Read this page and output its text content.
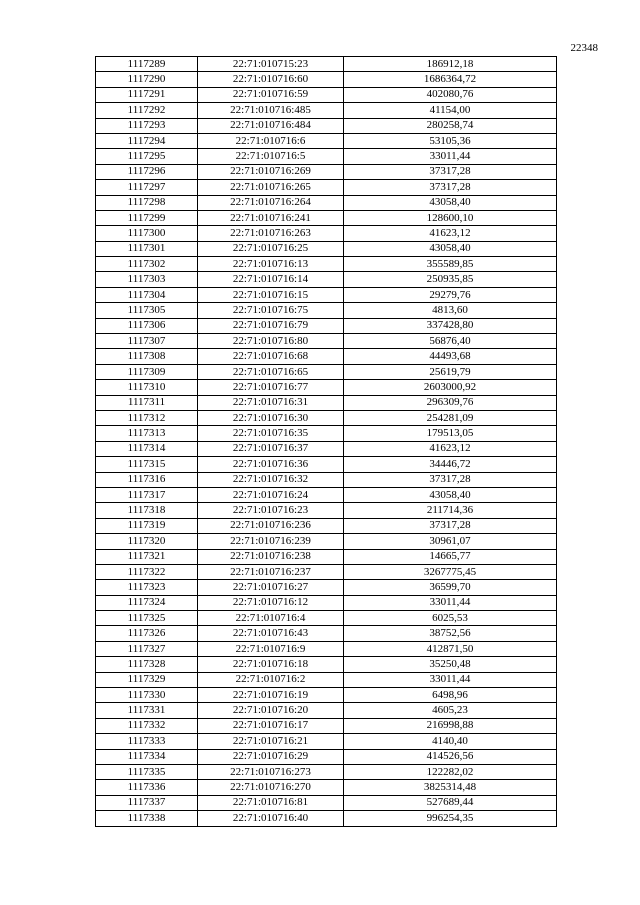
22348
1117289	22:71:010715:23	186912,18
1117290	22:71:010716:60	1686364,72
1117291	22:71:010716:59	402080,76
1117292	22:71:010716:485	41154,00
1117293	22:71:010716:484	280258,74
1117294	22:71:010716:6	53105,36
1117295	22:71:010716:5	33011,44
1117296	22:71:010716:269	37317,28
1117297	22:71:010716:265	37317,28
1117298	22:71:010716:264	43058,40
1117299	22:71:010716:241	128600,10
1117300	22:71:010716:263	41623,12
1117301	22:71:010716:25	43058,40
1117302	22:71:010716:13	355589,85
1117303	22:71:010716:14	250935,85
1117304	22:71:010716:15	29279,76
1117305	22:71:010716:75	4813,60
1117306	22:71:010716:79	337428,80
1117307	22:71:010716:80	56876,40
1117308	22:71:010716:68	44493,68
1117309	22:71:010716:65	25619,79
1117310	22:71:010716:77	2603000,92
1117311	22:71:010716:31	296309,76
1117312	22:71:010716:30	254281,09
1117313	22:71:010716:35	179513,05
1117314	22:71:010716:37	41623,12
1117315	22:71:010716:36	34446,72
1117316	22:71:010716:32	37317,28
1117317	22:71:010716:24	43058,40
1117318	22:71:010716:23	211714,36
1117319	22:71:010716:236	37317,28
1117320	22:71:010716:239	30961,07
1117321	22:71:010716:238	14665,77
1117322	22:71:010716:237	3267775,45
1117323	22:71:010716:27	36599,70
1117324	22:71:010716:12	33011,44
1117325	22:71:010716:4	6025,53
1117326	22:71:010716:43	38752,56
1117327	22:71:010716:9	412871,50
1117328	22:71:010716:18	35250,48
1117329	22:71:010716:2	33011,44
1117330	22:71:010716:19	6498,96
1117331	22:71:010716:20	4605,23
1117332	22:71:010716:17	216998,88
1117333	22:71:010716:21	4140,40
1117334	22:71:010716:29	414526,56
1117335	22:71:010716:273	122282,02
1117336	22:71:010716:270	3825314,48
1117337	22:71:010716:81	527689,44
1117338	22:71:010716:40	996254,35
